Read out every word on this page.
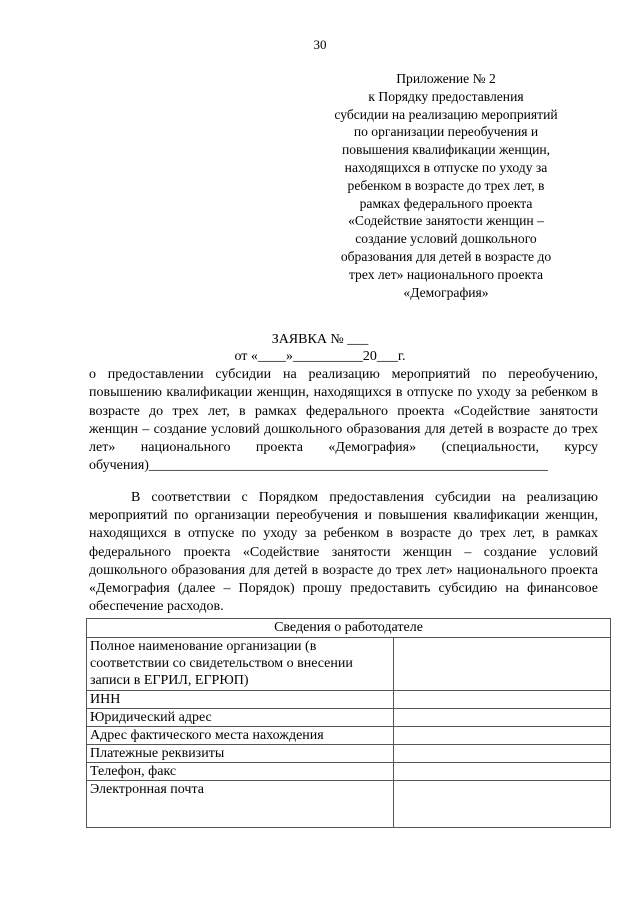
30
Приложение № 2
к Порядку предоставления
субсидии на реализацию мероприятий
по организации переобучения и
повышения квалификации женщин,
находящихся в отпуске по уходу за
ребенком в возрасте до трех лет, в
рамках федерального проекта
«Содействие занятости женщин –
создание условий дошкольного
образования для детей в возрасте до
трех лет» национального проекта
«Демография»
ЗАЯВКА № ___
от «____»__________20___г.
о предоставлении субсидии на реализацию мероприятий по переобучению, повышению квалификации женщин, находящихся в отпуске по уходу за ребенком в возрасте до трех лет, в рамках федерального проекта «Содействие занятости женщин – создание условий дошкольного образования для детей в возрасте до трех лет» национального проекта «Демография» (специальности, курсу обучения)_________________________________________________________
В соответствии с Порядком предоставления субсидии на реализацию мероприятий по организации переобучения и повышения квалификации женщин, находящихся в отпуске по уходу за ребенком в возрасте до трех лет, в рамках федерального проекта «Содействие занятости женщин – создание условий дошкольного образования для детей в возрасте до трех лет» национального проекта «Демография (далее – Порядок) прошу предоставить субсидию на финансовое обеспечение расходов.
Сведения о работодателе	
Полное наименование организации (в соответствии со свидетельством о внесении записи в ЕГРИЛ, ЕГРЮП)	
ИНН	
Юридический адрес	
Адрес фактического места нахождения	
Платежные реквизиты	
Телефон, факс	
Электронная почта	
